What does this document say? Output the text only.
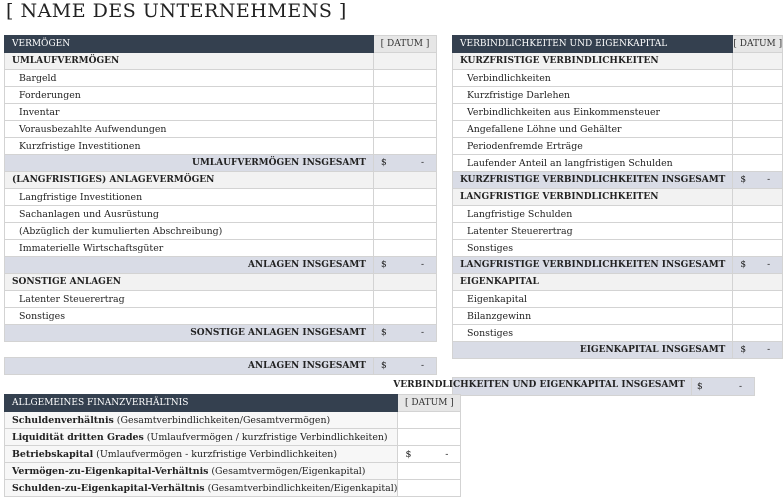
[ NAME DES UNTERNEHMENS ]
VERMÖGEN	[ DATUM ]
UMLAUFVERMÖGEN	
Bargeld	
Forderungen	
Inventar	
Vorausbezahlte Aufwendungen	
Kurzfristige Investitionen	
UMLAUFVERMÖGEN INSGESAMT	$ -

(LANGFRISTIGES) ANLAGEVERMÖGEN	
Langfristige Investitionen	
Sachanlagen und Ausrüstung	
(Abzüglich der kumulierten Abschreibung)	
Immaterielle Wirtschaftsgüter	
ANLAGEN INSGESAMT	$ -

SONSTIGE ANLAGEN	
Latenter Steuerertrag	
Sonstiges	
SONSTIGE ANLAGEN INSGESAMT	$ -

ANLAGEN INSGESAMT	$ -
VERBINDLICHKEITEN UND EIGENKAPITAL	[ DATUM ]
KURZFRISTIGE VERBINDLICHKEITEN	
Verbindlichkeiten	
Kurzfristige Darlehen	
Verbindlichkeiten aus Einkommensteuer	
Angefallene Löhne und Gehälter	
Periodenfremde Erträge	
Laufender Anteil an langfristigen Schulden	
KURZFRISTIGE VERBINDLICHKEITEN INSGESAMT	$ -

LANGFRISTIGE VERBINDLICHKEITEN	
Langfristige Schulden	
Latenter Steuerertrag	
Sonstiges	
LANGFRISTIGE VERBINDLICHKEITEN INSGESAMT	$ -

EIGENKAPITAL	
Eigenkapital	
Bilanzgewinn	
Sonstiges	
EIGENKAPITAL INSGESAMT	$ -
VERBINDLICHKEITEN UND EIGENKAPITAL INSGESAMT	$	-
ALLGEMEINES FINANZVERHÄLTNIS	[ DATUM ]
Schuldenverhältnis (Gesamtverbindlichkeiten/Gesamtvermögen)	
Liquidität dritten Grades (Umlaufvermögen / kurzfristige Verbindlichkeiten)	
Betriebskapital (Umlaufvermögen - kurzfristige Verbindlichkeiten)	$ -

Vermögen-zu-Eigenkapital-Verhältnis (Gesamtvermögen/Eigenkapital)	
Schulden-zu-Eigenkapital-Verhältnis (Gesamtverbindlichkeiten/Eigenkapital)	
